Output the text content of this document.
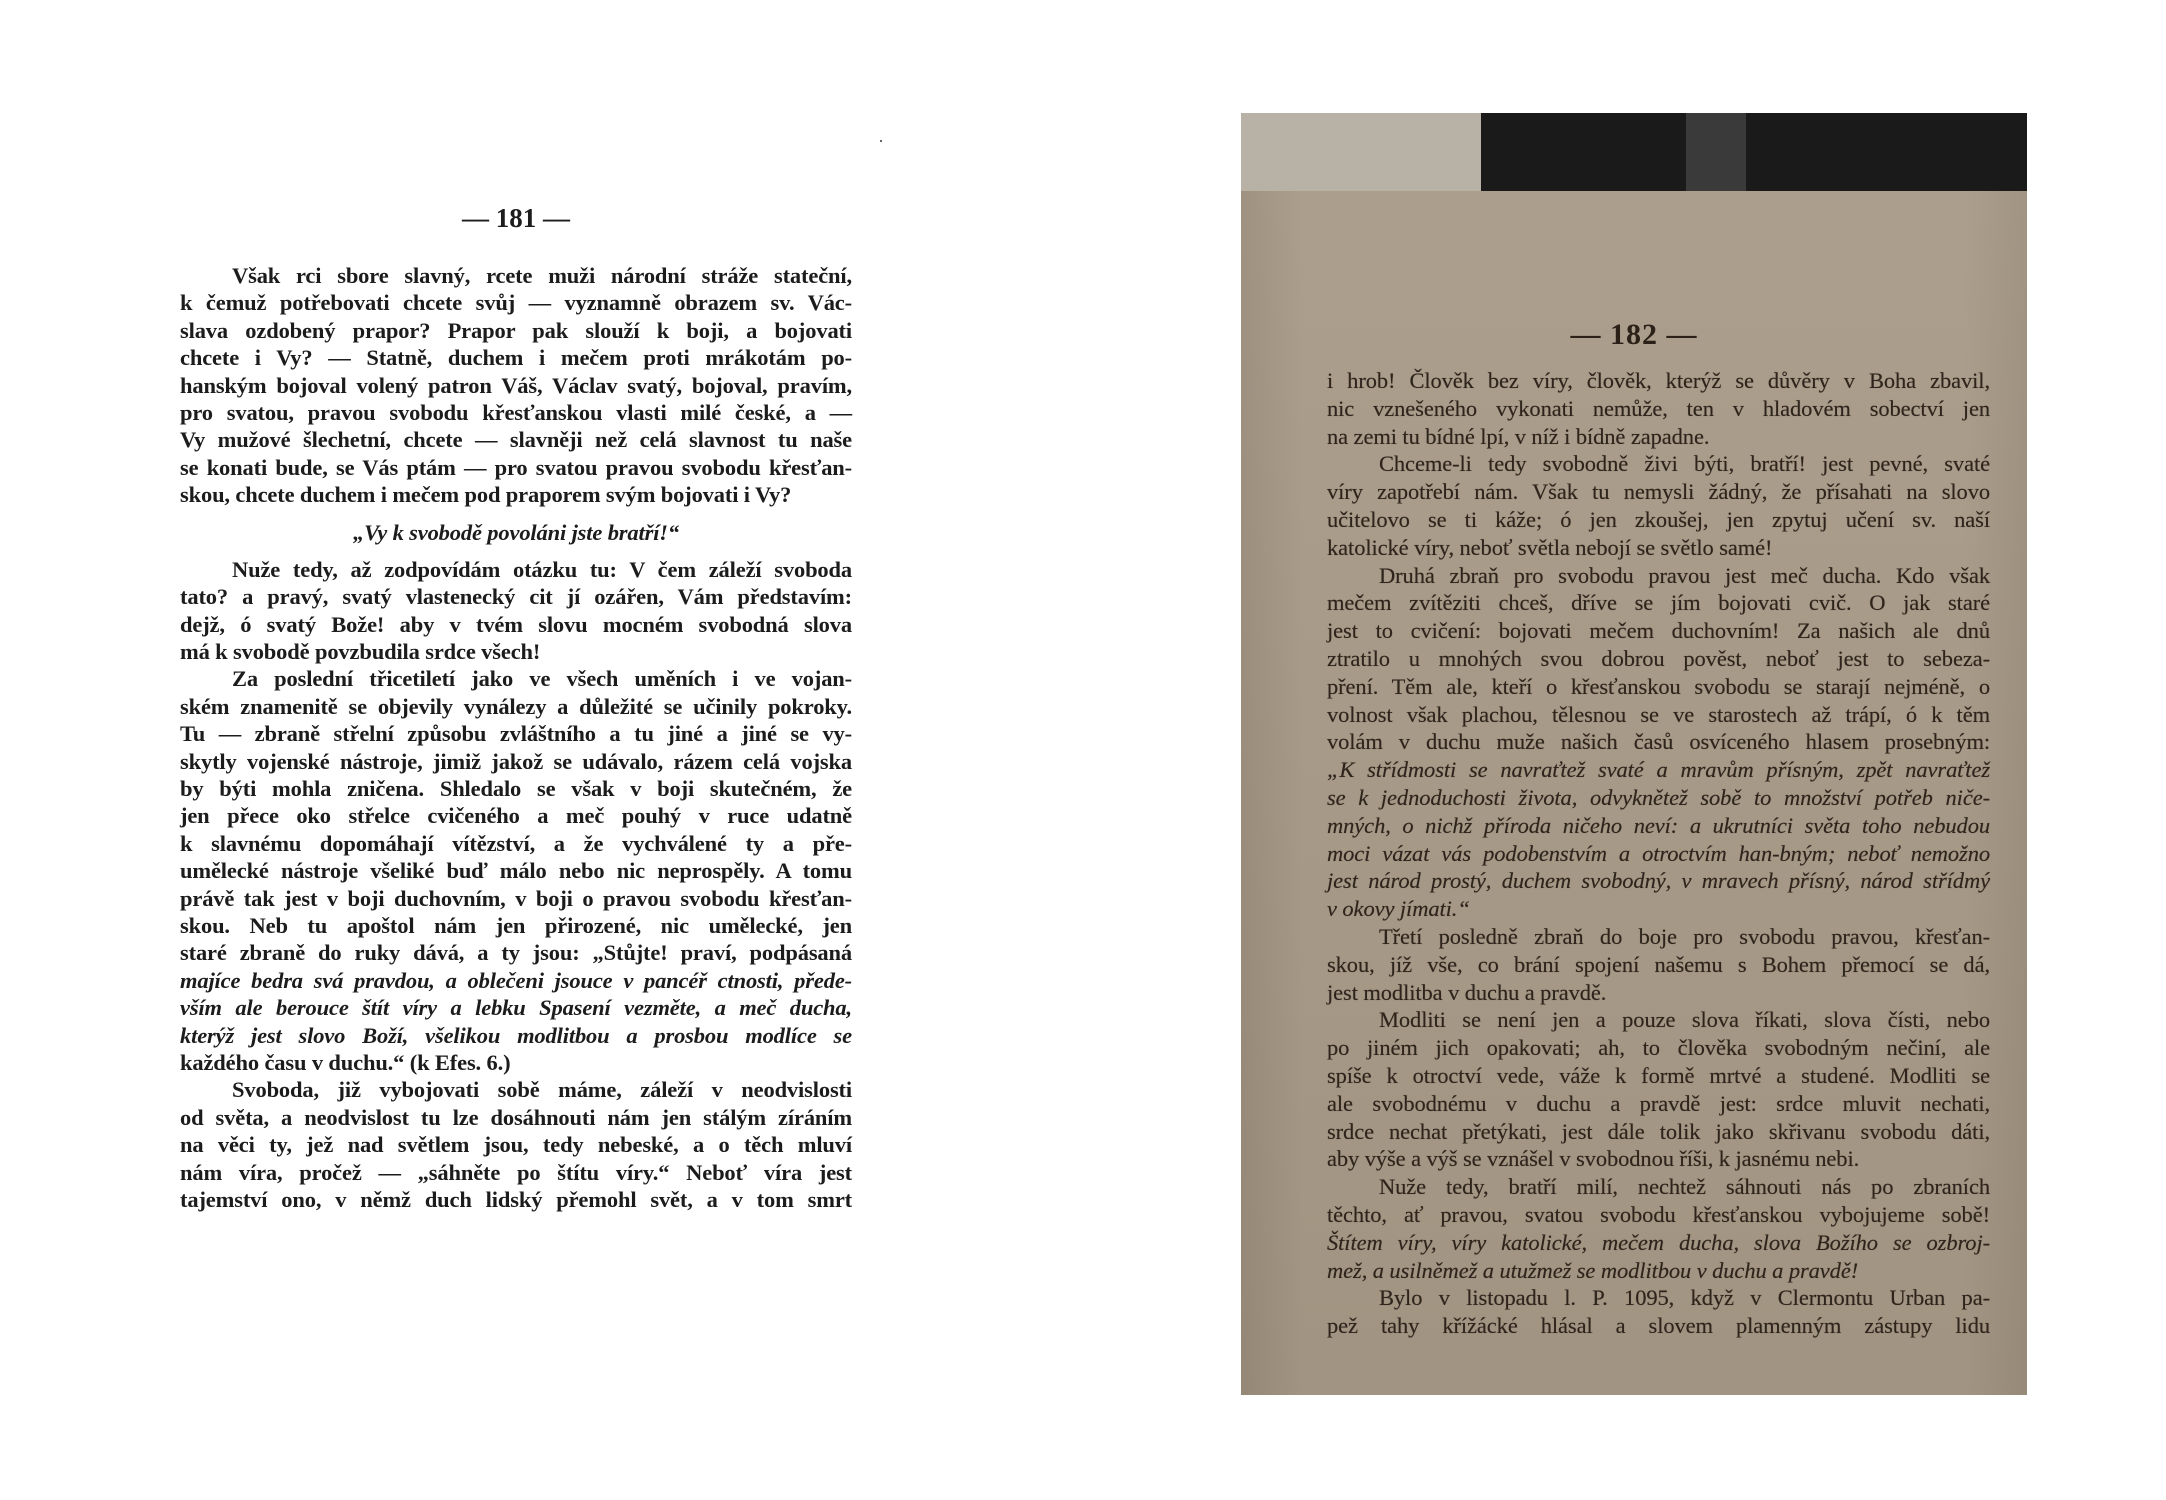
— 181 —
Však rci sbore slavný, rcete muži národní stráže stateční,
k čemuž potřebovati chcete svůj — vyznamně obrazem sv. Vác-
slava ozdobený prapor? Prapor pak slouží k boji, a bojovati
chcete i Vy? — Statně, duchem i mečem proti mrákotám po-
hanským bojoval volený patron Váš, Václav svatý, bojoval, pravím,
pro svatou, pravou svobodu křesťanskou vlasti milé české, a —
Vy mužové šlechetní, chcete — slavněji než celá slavnost tu naše
se konati bude, se Vás ptám — pro svatou pravou svobodu křesťan-
skou, chcete duchem i mečem pod praporem svým bojovati i Vy?
„Vy k svobodě povoláni jste bratří!“
Nuže tedy, až zodpovídám otázku tu: V čem záleží svoboda
tato? a pravý, svatý vlastenecký cit jí ozářen, Vám představím:
dejž, ó svatý Bože! aby v tvém slovu mocném svobodná slova
má k svobodě povzbudila srdce všech!
Za poslední třicetiletí jako ve všech uměních i ve vojan-
ském znamenitě se objevily vynálezy a důležité se učinily pokroky.
Tu — zbraně střelní způsobu zvláštního a tu jiné a jiné se vy-
skytly vojenské nástroje, jimiž jakož se udávalo, rázem celá vojska
by býti mohla zničena. Shledalo se však v boji skutečném, že
jen přece oko střelce cvičeného a meč pouhý v ruce udatně
k slavnému dopomáhají vítězství, a že vychválené ty a pře-
umělecké nástroje všeliké buď málo nebo nic neprospěly. A tomu
právě tak jest v boji duchovním, v boji o pravou svobodu křesťan-
skou. Neb tu apoštol nám jen přirozené, nic umělecké, jen
staré zbraně do ruky dává, a ty jsou: „Stůjte! praví, podpásaná
majíce bedra svá pravdou, a oblečeni jsouce v pancéř ctnosti, přede-
vším ale berouce štít víry a lebku Spasení vezměte, a meč ducha,
kterýž jest slovo Boží, všelikou modlitbou a prosbou modlíce se
každého času v duchu.“ (k Efes. 6.)
Svoboda, již vybojovati sobě máme, záleží v neodvislosti
od světa, a neodvislost tu lze dosáhnouti nám jen stálým zíráním
na věci ty, jež nad světlem jsou, tedy nebeské, a o těch mluví
nám víra, pročež — „sáhněte po štítu víry.“ Neboť víra jest
tajemství ono, v němž duch lidský přemohl svět, a v tom smrt
— 182 —
i hrob! Člověk bez víry, člověk, kterýž se důvěry v Boha zbavil,
nic vznešeného vykonati nemůže, ten v hladovém sobectví jen
na zemi tu bídné lpí, v níž i bídně zapadne.
Chceme-li tedy svobodně živi býti, bratří! jest pevné, svaté
víry zapotřebí nám. Však tu nemysli žádný, že přísahati na slovo
učitelovo se ti káže; ó jen zkoušej, jen zpytuj učení sv. naší
katolické víry, neboť světla nebojí se světlo samé!
Druhá zbraň pro svobodu pravou jest meč ducha. Kdo však
mečem zvítěziti chceš, dříve se jím bojovati cvič. O jak staré
jest to cvičení: bojovati mečem duchovním! Za našich ale dnů
ztratilo u mnohých svou dobrou pověst, neboť jest to sebeza-
pření. Těm ale, kteří o křesťanskou svobodu se starají nejméně, o
volnost však plachou, tělesnou se ve starostech až trápí, ó k těm
volám v duchu muže našich časů osvíceného hlasem prosebným:
„K střídmosti se navraťtež svaté a mravům přísným, zpět navraťtež
se k jednoduchosti života, odvyknětež sobě to množství potřeb niče-
mných, o nichž příroda ničeho neví: a ukrutníci světa toho nebudou
moci vázat vás podobenstvím a otroctvím han-bným; neboť nemožno
jest národ prostý, duchem svobodný, v mravech přísný, národ střídmý
v okovy jímati.“
Třetí posledně zbraň do boje pro svobodu pravou, křesťan-
skou, jíž vše, co brání spojení našemu s Bohem přemocí se dá,
jest modlitba v duchu a pravdě.
Modliti se není jen a pouze slova říkati, slova čísti, nebo
po jiném jich opakovati; ah, to člověka svobodným nečiní, ale
spíše k otroctví vede, váže k formě mrtvé a studené. Modliti se
ale svobodnému v duchu a pravdě jest: srdce mluvit nechati,
srdce nechat přetýkati, jest dále tolik jako skřivanu svobodu dáti,
aby výše a výš se vznášel v svobodnou říši, k jasnému nebi.
Nuže tedy, bratří milí, nechtež sáhnouti nás po zbraních
těchto, ať pravou, svatou svobodu křesťanskou vybojujeme sobě!
Štítem víry, víry katolické, mečem ducha, slova Božího se ozbroj-
mež, a usilněmež a utužmež se modlitbou v duchu a pravdě!
Bylo v listopadu l. P. 1095, když v Clermontu Urban pa-
pež tahy křížácké hlásal a slovem plamenným zástupy lidu
